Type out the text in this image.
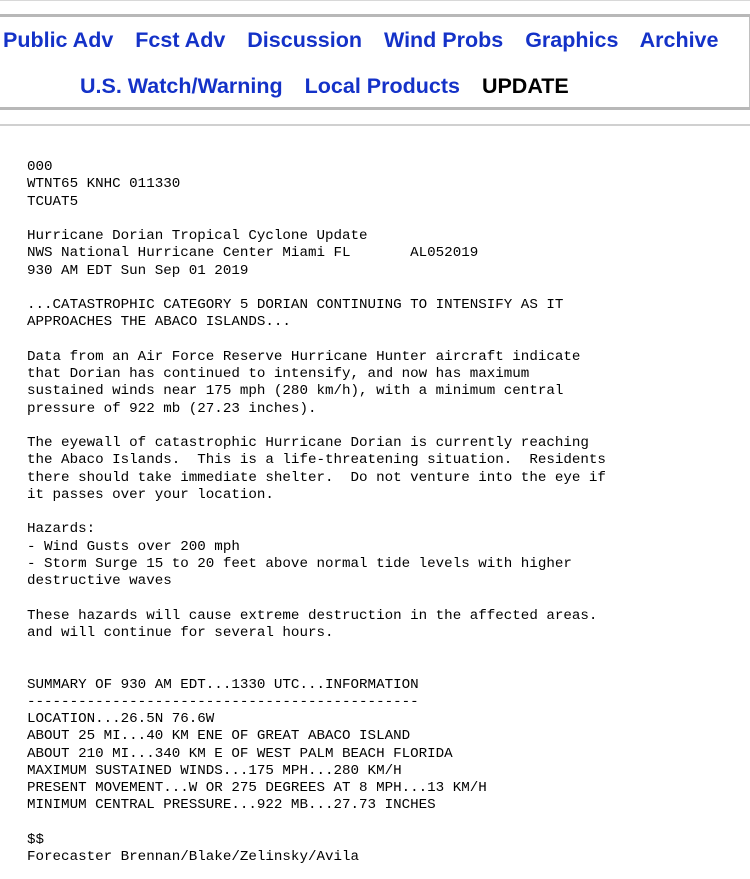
Public Adv Fcst Adv Discussion Wind Probs Graphics Archive
U.S. Watch/Warning Local Products UPDATE
000
WTNT65 KNHC 011330
TCUAT5

Hurricane Dorian Tropical Cyclone Update
NWS National Hurricane Center Miami FL       AL052019
930 AM EDT Sun Sep 01 2019

...CATASTROPHIC CATEGORY 5 DORIAN CONTINUING TO INTENSIFY AS IT
APPROACHES THE ABACO ISLANDS...

Data from an Air Force Reserve Hurricane Hunter aircraft indicate
that Dorian has continued to intensify, and now has maximum
sustained winds near 175 mph (280 km/h), with a minimum central
pressure of 922 mb (27.23 inches).

The eyewall of catastrophic Hurricane Dorian is currently reaching
the Abaco Islands.  This is a life-threatening situation.  Residents
there should take immediate shelter.  Do not venture into the eye if
it passes over your location.

Hazards:
- Wind Gusts over 200 mph
- Storm Surge 15 to 20 feet above normal tide levels with higher
destructive waves

These hazards will cause extreme destruction in the affected areas.
and will continue for several hours.

SUMMARY OF 930 AM EDT...1330 UTC...INFORMATION
----------------------------------------------
LOCATION...26.5N 76.6W
ABOUT 25 MI...40 KM ENE OF GREAT ABACO ISLAND
ABOUT 210 MI...340 KM E OF WEST PALM BEACH FLORIDA
MAXIMUM SUSTAINED WINDS...175 MPH...280 KM/H
PRESENT MOVEMENT...W OR 275 DEGREES AT 8 MPH...13 KM/H
MINIMUM CENTRAL PRESSURE...922 MB...27.73 INCHES

$$
Forecaster Brennan/Blake/Zelinsky/Avila
